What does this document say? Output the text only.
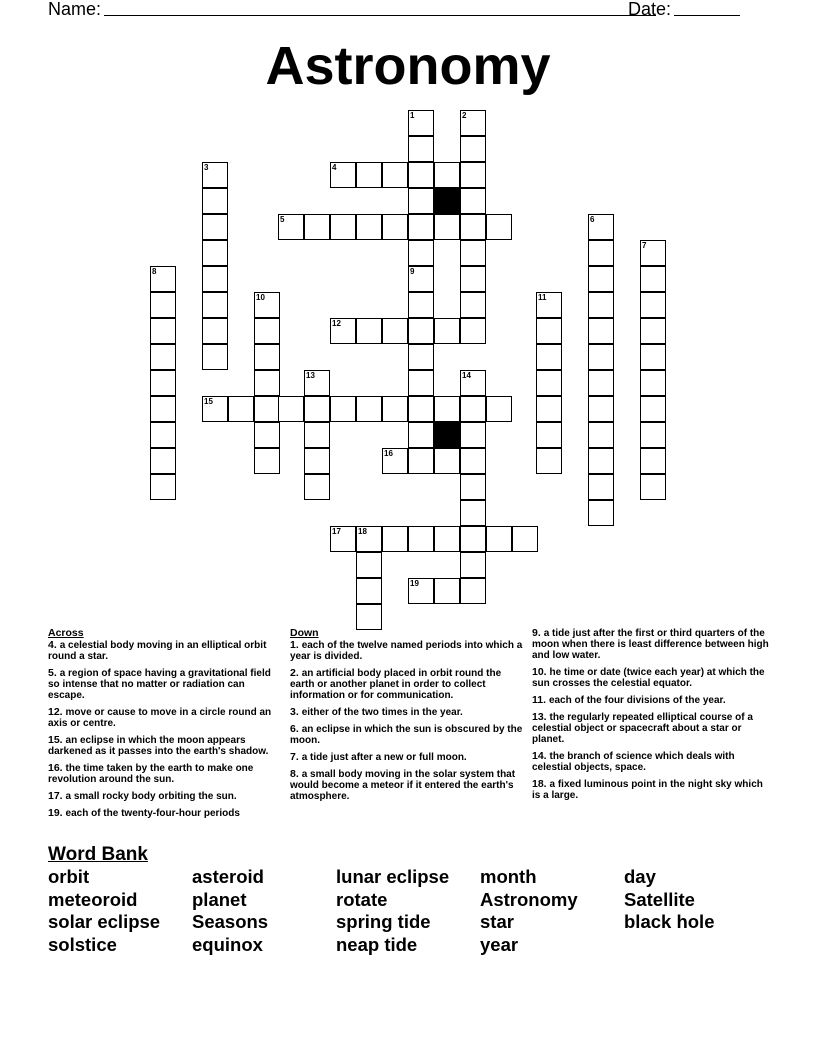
Name:	Date:
Astronomy
1	2
3	4
5	6
7
8	9
10	11
12
13	14
15
16
17 18
19
Across
4. a celestial body moving in an elliptical orbit round a star.
5. a region of space having a gravitational field so intense that no matter or radiation can escape.
12. move or cause to move in a circle round an axis or centre.
15. an eclipse in which the moon appears darkened as it passes into the earth's shadow.
16. the time taken by the earth to make one revolution around the sun.
17. a small rocky body orbiting the sun.
19. each of the twenty-four-hour periods
Down
1. each of the twelve named periods into which a year is divided.
2. an artificial body placed in orbit round the earth or another planet in order to collect information or for communication.
3. either of the two times in the year.
6. an eclipse in which the sun is obscured by the moon.
7. a tide just after a new or full moon.
8. a small body moving in the solar system that would become a meteor if it entered the earth's atmosphere.
9. a tide just after the first or third quarters of the moon when there is least difference between high and low water.
10. he time or date (twice each year) at which the sun crosses the celestial equator.
11. each of the four divisions of the year.
13. the regularly repeated elliptical course of a celestial object or spacecraft about a star or planet.
14. the branch of science which deals with celestial objects, space.
18. a fixed luminous point in the night sky which is a large.
Word Bank
orbit	asteroid	lunar eclipse	month	day
meteoroid	planet	rotate	Astronomy	Satellite
solar eclipse	Seasons	spring tide	star	black hole
solstice	equinox	neap tide	year
